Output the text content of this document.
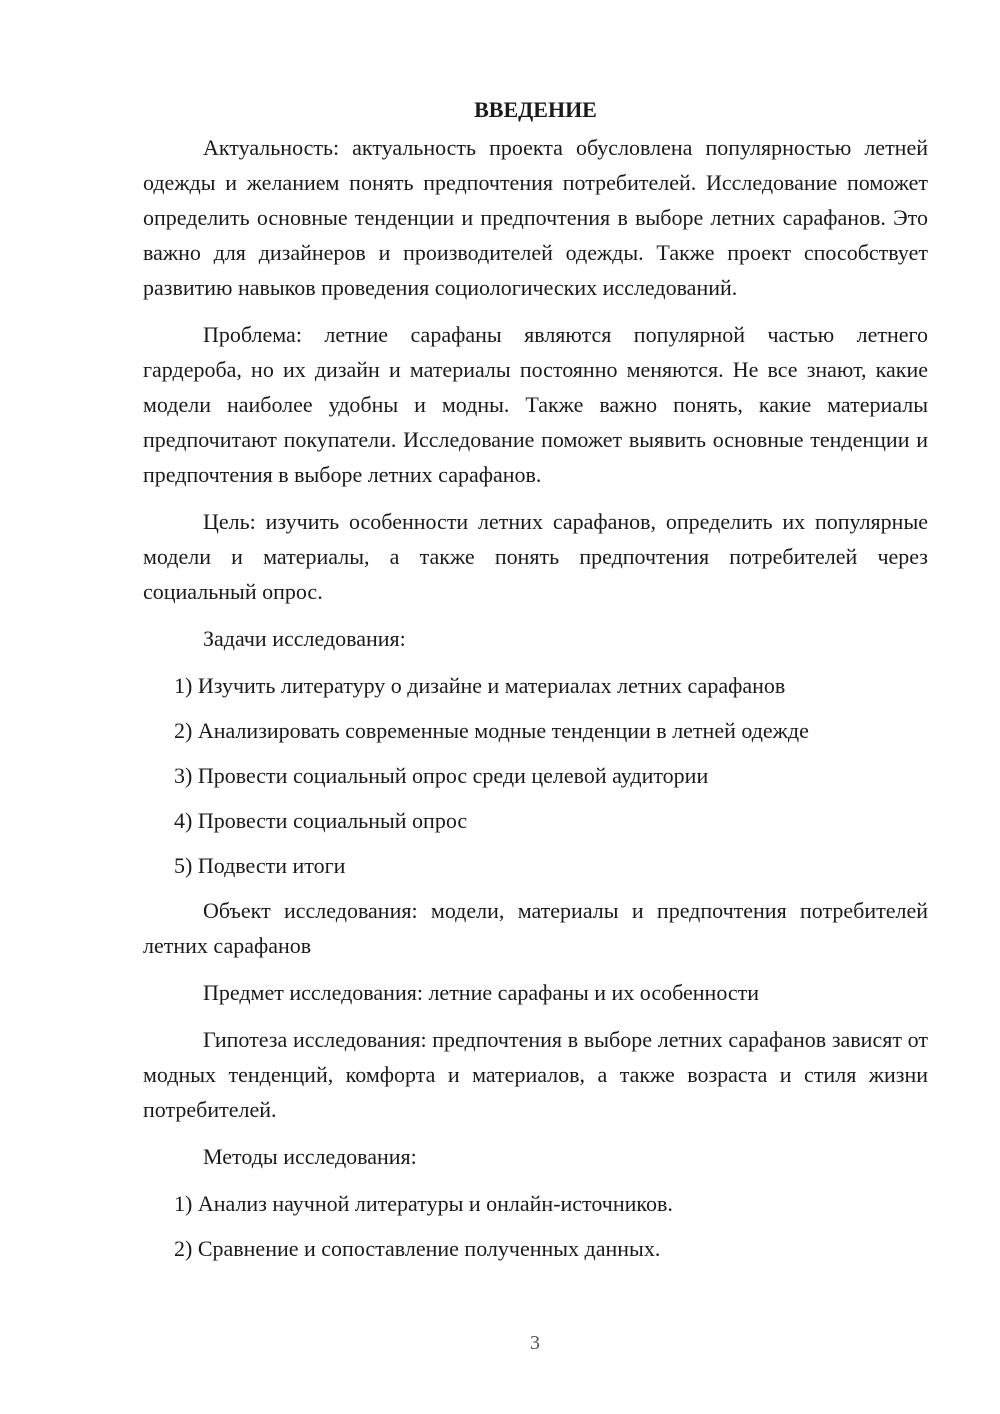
ВВЕДЕНИЕ

Актуальность: актуальность проекта обусловлена популярностью летней одежды и желанием понять предпочтения потребителей. Исследование поможет определить основные тенденции и предпочтения в выборе летних сарафанов. Это важно для дизайнеров и производителей одежды. Также проект способствует развитию навыков проведения социологических исследований.

Проблема: летние сарафаны являются популярной частью летнего гардероба, но их дизайн и материалы постоянно меняются. Не все знают, какие модели наиболее удобны и модны. Также важно понять, какие материалы предпочитают покупатели. Исследование поможет выявить основные тенденции и предпочтения в выборе летних сарафанов.

Цель: изучить особенности летних сарафанов, определить их популярные модели и материалы, а также понять предпочтения потребителей через социальный опрос.

Задачи исследования:

1) Изучить литературу о дизайне и материалах летних сарафанов
2) Анализировать современные модные тенденции в летней одежде
3) Провести социальный опрос среди целевой аудитории
4) Провести социальный опрос
5) Подвести итоги

Объект исследования: модели, материалы и предпочтения потребителей летних сарафанов

Предмет исследования: летние сарафаны и их особенности

Гипотеза исследования: предпочтения в выборе летних сарафанов зависят от модных тенденций, комфорта и материалов, а также возраста и стиля жизни потребителей.

Методы исследования:

1) Анализ научной литературы и онлайн-источников.
2) Сравнение и сопоставление полученных данных.
3
